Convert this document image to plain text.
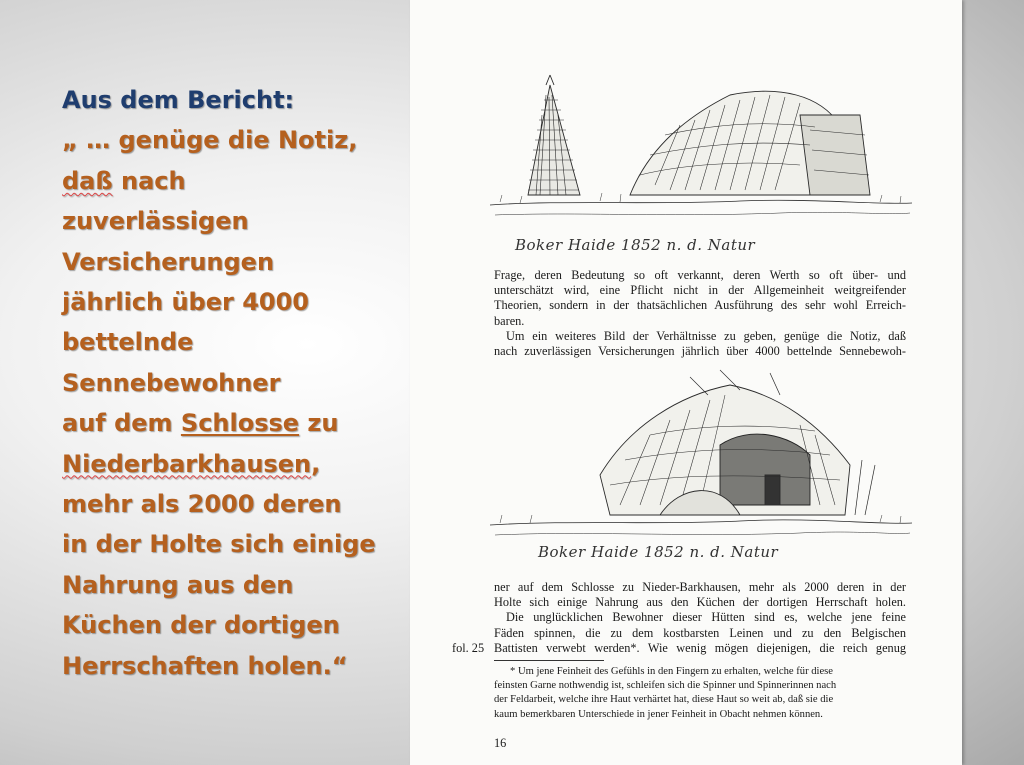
Aus dem Bericht:
„ … genüge die Notiz,
daß nach
zuverlässigen
Versicherungen
jährlich über 4000
bettelnde
Sennebewohner
auf dem Schlosse zu
Niederbarkhausen,
mehr als 2000 deren
in der Holte sich einige
Nahrung aus den
Küchen der dortigen
Herrschaften holen.“
Boker Haide 1852 n. d. Natur
Frage, deren Bedeutung so oft verkannt, deren Werth so oft über- und
unterschätzt wird, eine Pflicht nicht in der Allgemeinheit weitgreifender
Theorien, sondern in der thatsächlichen Ausführung des sehr wohl Erreich-
baren.
Um ein weiteres Bild der Verhältnisse zu geben, genüge die Notiz, daß
nach zuverlässigen Versicherungen jährlich über 4000 bettelnde Sennebewoh-
Boker Haide 1852 n. d. Natur
ner auf dem Schlosse zu Nieder-Barkhausen, mehr als 2000 deren in der
Holte sich einige Nahrung aus den Küchen der dortigen Herrschaft holen.
Die unglücklichen Bewohner dieser Hütten sind es, welche jene feine
Fäden spinnen, die zu dem kostbarsten Leinen und zu den Belgischen
Battisten verwebt werden*. Wie wenig mögen diejenigen, die reich genug
fol. 25
* Um jene Feinheit des Gefühls in den Fingern zu erhalten, welche für diese
feinsten Garne nothwendig ist, schleifen sich die Spinner und Spinnerinnen nach
der Feldarbeit, welche ihre Haut verhärtet hat, diese Haut so weit ab, daß sie die
kaum bemerkbaren Unterschiede in jener Feinheit in Obacht nehmen können.
16
